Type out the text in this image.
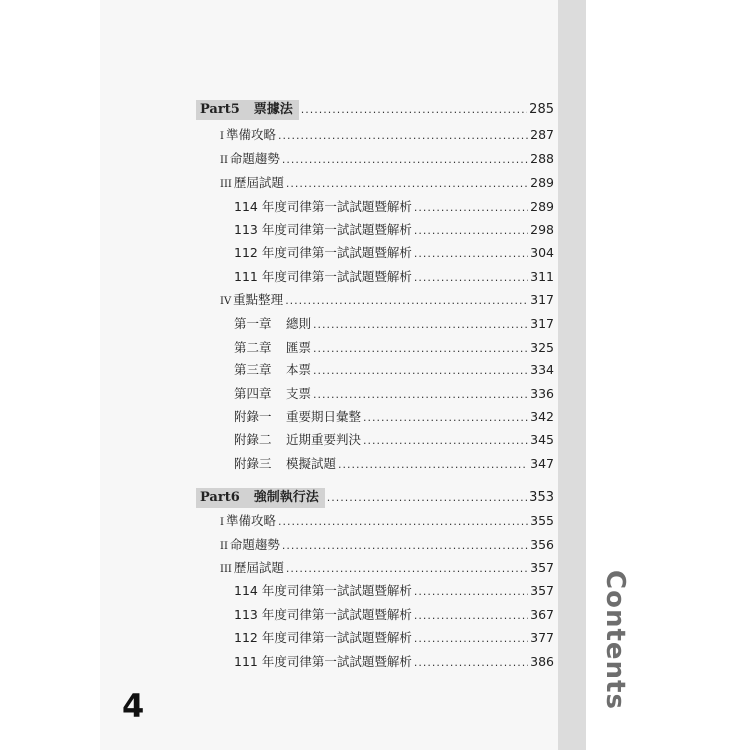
Contents
4
Part5 票據法 .....	285
I 準備攻略 .....	287
II 命題趨勢 .....	288
III 歷屆試題 .....	289
114 年度司律第一試試題暨解析 .....	289
113 年度司律第一試試題暨解析 .....	298
112 年度司律第一試試題暨解析 .....	304
111 年度司律第一試試題暨解析 .....	311
IV 重點整理 .....	317
第一章	總則 .....	317
第二章	匯票 .....	325
第三章	本票 .....	334
第四章	支票 .....	336
附錄一	重要期日彙整 .....	342
附錄二	近期重要判決 .....	345
附錄三	模擬試題 .....	347
Part6 強制執行法 .....	353
I 準備攻略 .....	355
II 命題趨勢 .....	356
III 歷屆試題 .....	357
114 年度司律第一試試題暨解析 .....	357
113 年度司律第一試試題暨解析 .....	367
112 年度司律第一試試題暨解析 .....	377
111 年度司律第一試試題暨解析 .....	386
